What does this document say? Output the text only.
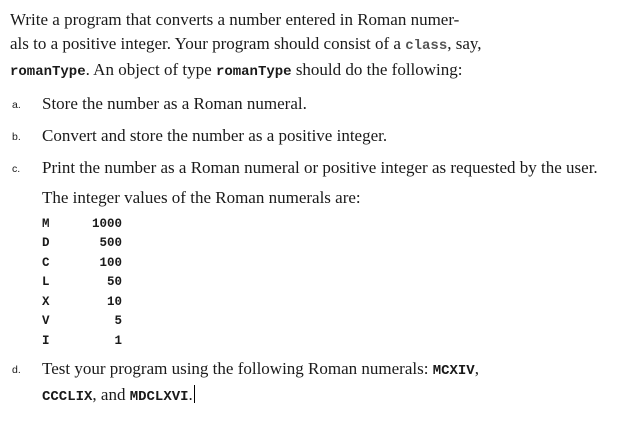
Write a program that converts a number entered in Roman numer-
als to a positive integer. Your program should consist of a class, say,
romanType. An object of type romanType should do the following:

a. Store the number as a Roman numeral.
b. Convert and store the number as a positive integer.
c. Print the number as a Roman numeral or positive integer as requested by the user.
The integer values of the Roman numerals are:
M	1000
D	500
C	100
L	50
X	10
V	5
I	1
d. Test your program using the following Roman numerals: MCXIV,
CCCLIX, and MDCLXVI.
